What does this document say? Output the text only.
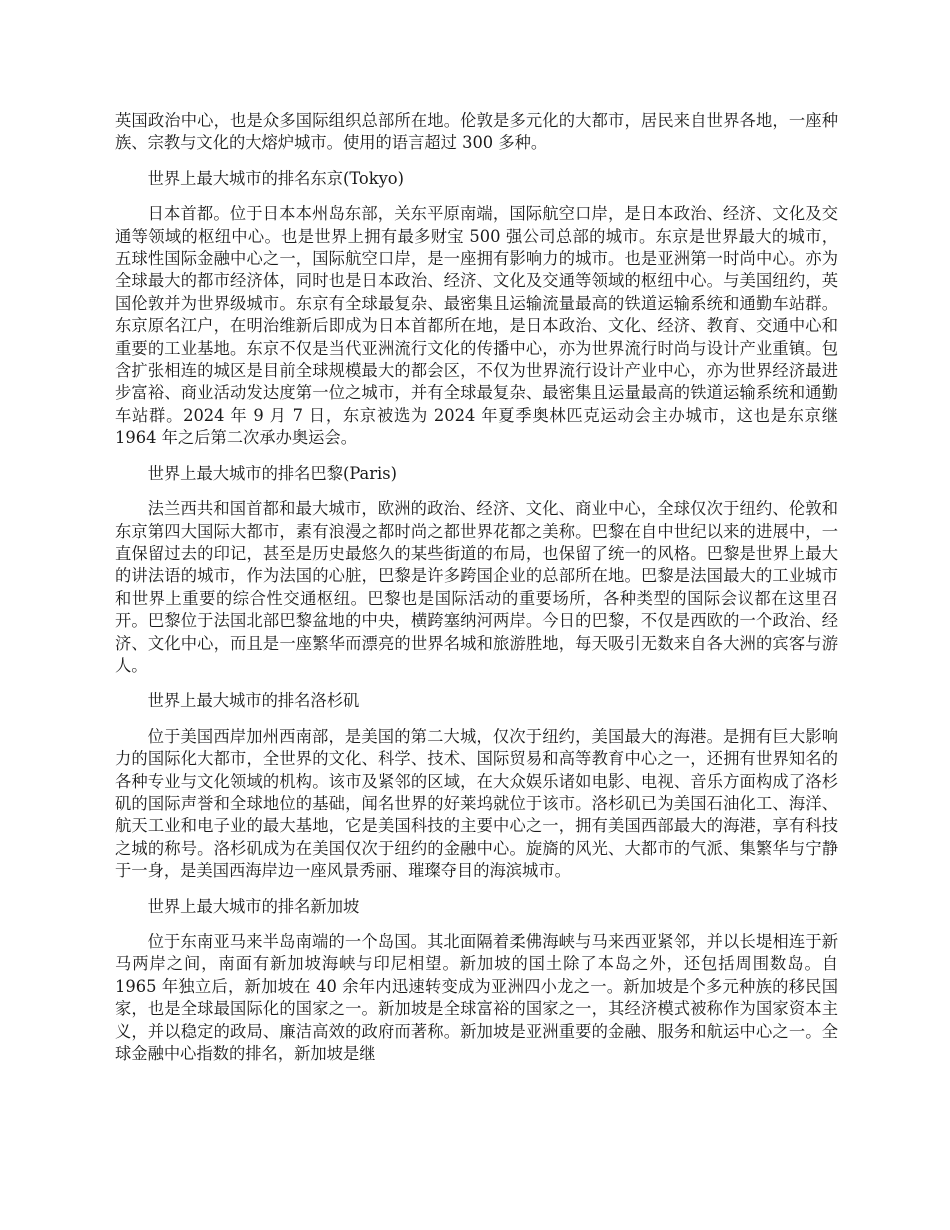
英国政治中心，也是众多国际组织总部所在地。伦敦是多元化的大都市，居民来自世界各地，一座种族、宗教与文化的大熔炉城市。使用的语言超过 300 多种。

世界上最大城市的排名东京(Tokyo)

日本首都。位于日本本州岛东部，关东平原南端，国际航空口岸，是日本政治、经济、文化及交通等领域的枢纽中心。也是世界上拥有最多财宝 500 强公司总部的城市。东京是世界最大的城市，五球性国际金融中心之一，国际航空口岸，是一座拥有影响力的城市。也是亚洲第一时尚中心。亦为全球最大的都市经济体，同时也是日本政治、经济、文化及交通等领域的枢纽中心。与美国纽约，英国伦敦并为世界级城市。东京有全球最复杂、最密集且运输流量最高的铁道运输系统和通勤车站群。东京原名江户，在明治维新后即成为日本首都所在地，是日本政治、文化、经济、教育、交通中心和重要的工业基地。东京不仅是当代亚洲流行文化的传播中心，亦为世界流行时尚与设计产业重镇。包含扩张相连的城区是目前全球规模最大的都会区，不仅为世界流行设计产业中心，亦为世界经济最进步富裕、商业活动发达度第一位之城市，并有全球最复杂、最密集且运量最高的铁道运输系统和通勤车站群。2024 年 9 月 7 日，东京被选为 2024 年夏季奥林匹克运动会主办城市，这也是东京继 1964 年之后第二次承办奥运会。

世界上最大城市的排名巴黎(Paris)

法兰西共和国首都和最大城市，欧洲的政治、经济、文化、商业中心，全球仅次于纽约、伦敦和东京第四大国际大都市，素有浪漫之都时尚之都世界花都之美称。巴黎在自中世纪以来的进展中，一直保留过去的印记，甚至是历史最悠久的某些街道的布局，也保留了统一的风格。巴黎是世界上最大的讲法语的城市，作为法国的心脏，巴黎是许多跨国企业的总部所在地。巴黎是法国最大的工业城市和世界上重要的综合性交通枢纽。巴黎也是国际活动的重要场所，各种类型的国际会议都在这里召开。巴黎位于法国北部巴黎盆地的中央，横跨塞纳河两岸。今日的巴黎，不仅是西欧的一个政治、经济、文化中心，而且是一座繁华而漂亮的世界名城和旅游胜地，每天吸引无数来自各大洲的宾客与游人。

世界上最大城市的排名洛杉矶

位于美国西岸加州西南部，是美国的第二大城，仅次于纽约，美国最大的海港。是拥有巨大影响力的国际化大都市，全世界的文化、科学、技术、国际贸易和高等教育中心之一，还拥有世界知名的各种专业与文化领域的机构。该市及紧邻的区域，在大众娱乐诸如电影、电视、音乐方面构成了洛杉矶的国际声誉和全球地位的基础，闻名世界的好莱坞就位于该市。洛杉矶已为美国石油化工、海洋、航天工业和电子业的最大基地，它是美国科技的主要中心之一，拥有美国西部最大的海港，享有科技之城的称号。洛杉矶成为在美国仅次于纽约的金融中心。旋旖的风光、大都市的气派、集繁华与宁静于一身，是美国西海岸边一座风景秀丽、璀璨夺目的海滨城市。

世界上最大城市的排名新加坡

位于东南亚马来半岛南端的一个岛国。其北面隔着柔佛海峡与马来西亚紧邻，并以长堤相连于新马两岸之间，南面有新加坡海峡与印尼相望。新加坡的国土除了本岛之外，还包括周围数岛。自 1965 年独立后，新加坡在 40 余年内迅速转变成为亚洲四小龙之一。新加坡是个多元种族的移民国家，也是全球最国际化的国家之一。新加坡是全球富裕的国家之一，其经济模式被称作为国家资本主义，并以稳定的政局、廉洁高效的政府而著称。新加坡是亚洲重要的金融、服务和航运中心之一。全球金融中心指数的排名，新加坡是继
